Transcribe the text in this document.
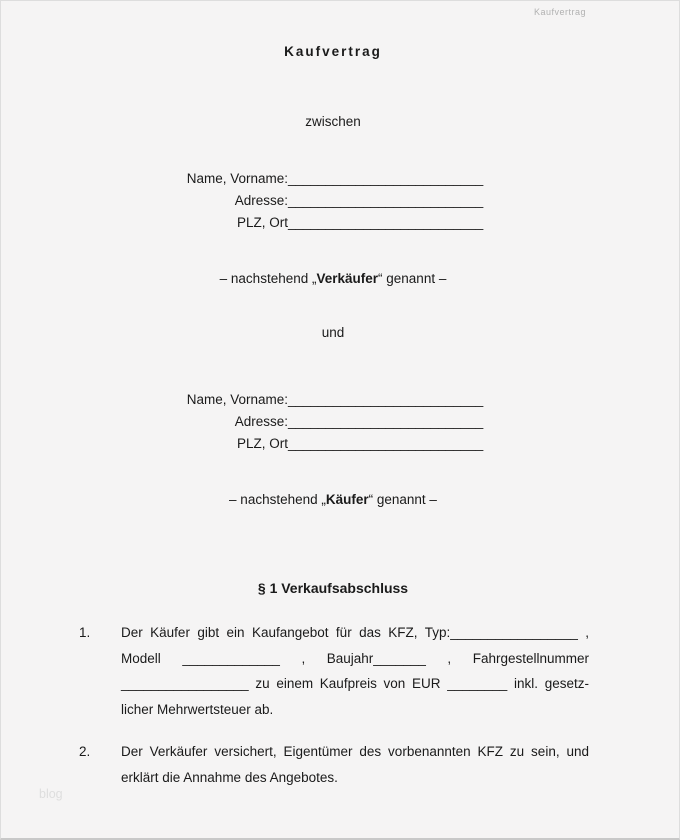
Kaufvertrag
Kaufvertrag
zwischen
Name, Vorname: __________________________
Adresse: __________________________
PLZ, Ort __________________________
– nachstehend „Verkäufer“ genannt –
und
Name, Vorname: __________________________
Adresse: __________________________
PLZ, Ort __________________________
– nachstehend „Käufer“ genannt –
§ 1 Verkaufsabschluss
1.	Der Käufer gibt ein Kaufangebot für das KFZ, Typ:_________________ ,
Modell _____________ , Baujahr_______ , Fahrgestellnummer
_________________ zu einem Kaufpreis von EUR ________ inkl. gesetz-
licher Mehrwertsteuer ab.
2.	Der Verkäufer versichert, Eigentümer des vorbenannten KFZ zu sein, und
erklärt die Annahme des Angebotes.
blog
